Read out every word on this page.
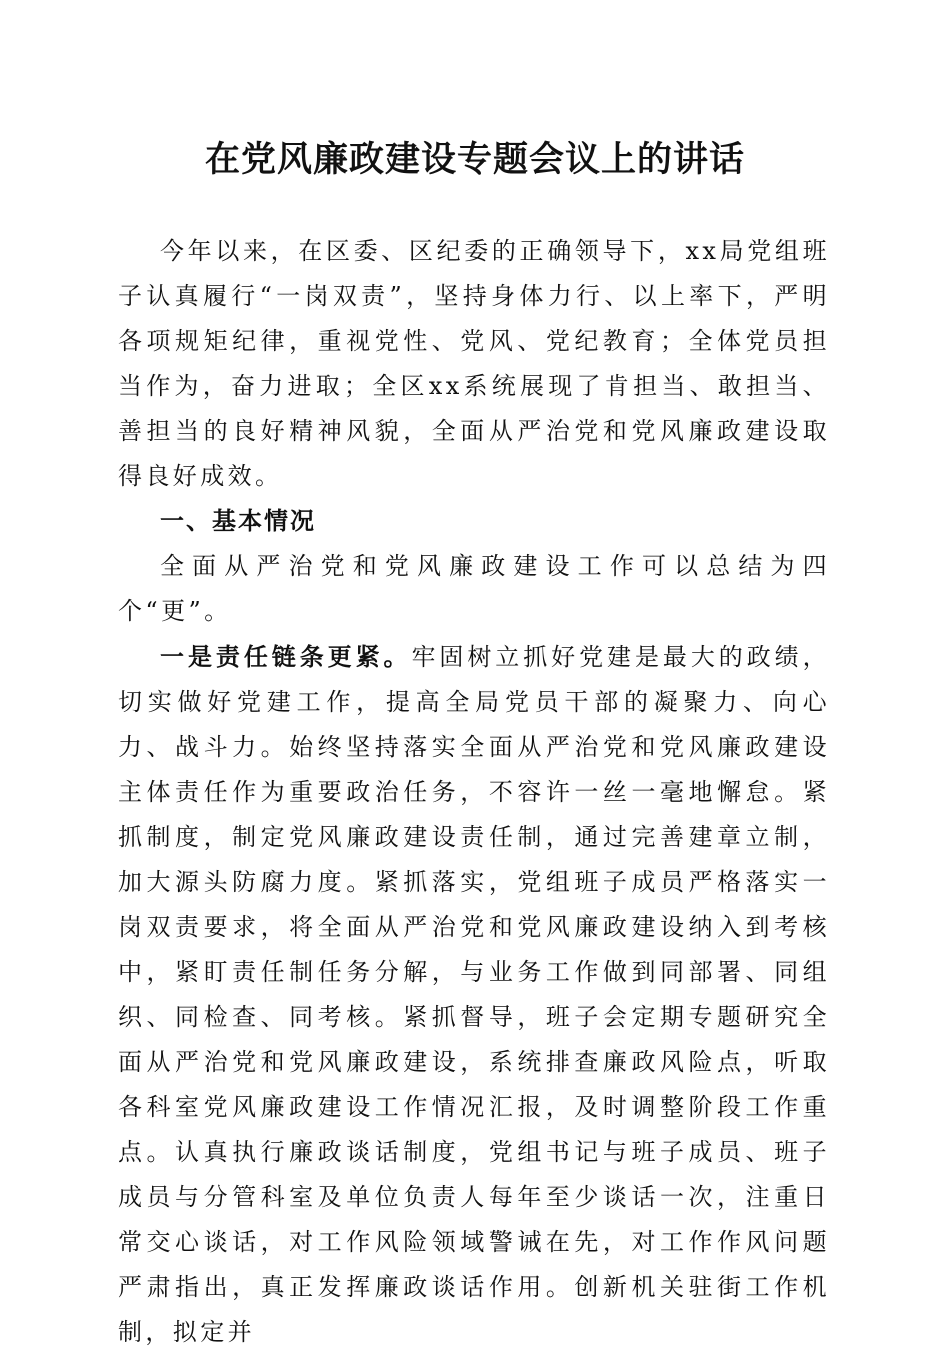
在党风廉政建设专题会议上的讲话

今年以来，在区委、区纪委的正确领导下，xx局党组班子认真履行“一岗双责”，坚持身体力行、以上率下，严明各项规矩纪律，重视党性、党风、党纪教育；全体党员担当作为，奋力进取；全区xx系统展现了肯担当、敢担当、善担当的良好精神风貌，全面从严治党和党风廉政建设取得良好成效。

一、基本情况

全面从严治党和党风廉政建设工作可以总结为四个“更”。

一是责任链条更紧。牢固树立抓好党建是最大的政绩，切实做好党建工作，提高全局党员干部的凝聚力、向心力、战斗力。始终坚持落实全面从严治党和党风廉政建设主体责任作为重要政治任务，不容许一丝一毫地懈怠。紧抓制度，制定党风廉政建设责任制，通过完善建章立制，加大源头防腐力度。紧抓落实，党组班子成员严格落实一岗双责要求，将全面从严治党和党风廉政建设纳入到考核中，紧盯责任制任务分解，与业务工作做到同部署、同组织、同检查、同考核。紧抓督导，班子会定期专题研究全面从严治党和党风廉政建设，系统排查廉政风险点，听取各科室党风廉政建设工作情况汇报，及时调整阶段工作重点。认真执行廉政谈话制度，党组书记与班子成员、班子成员与分管科室及单位负责人每年至少谈话一次，注重日常交心谈话，对工作风险领域警诫在先，对工作作风问题严肃指出，真正发挥廉政谈话作用。创新机关驻街工作机制，拟定并
